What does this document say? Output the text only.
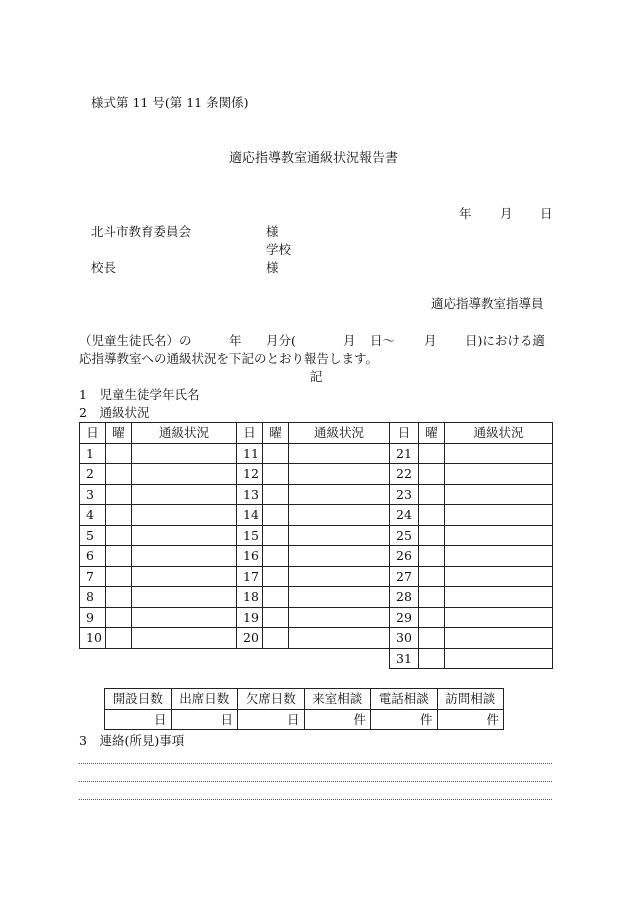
様式第 11 号(第 11 条関係)
適応指導教室通級状況報告書
年 月 日
北斗市教育委員会	様
学校
校長	様
適応指導教室指導員
（児童生徒氏名）の	年 月分(	月 日〜 月 日)における適
応指導教室への通級状況を下記のとおり報告します。
記
1　児童生徒学年氏名
2　通級状況
日	曜	通級状況	日	曜	通級状況	日	曜	通級状況
1			11			21		
2			12			22		
3			13			23		
4			14			24		
5			15			25		
6			16			26		
7			17			27		
8			18			28		
9			19			29		
10			20			30		
						31		
開設日数	出席日数	欠席日数	来室相談	電話相談	訪問相談
日	日	日	件	件	件
3　連絡(所見)事項
